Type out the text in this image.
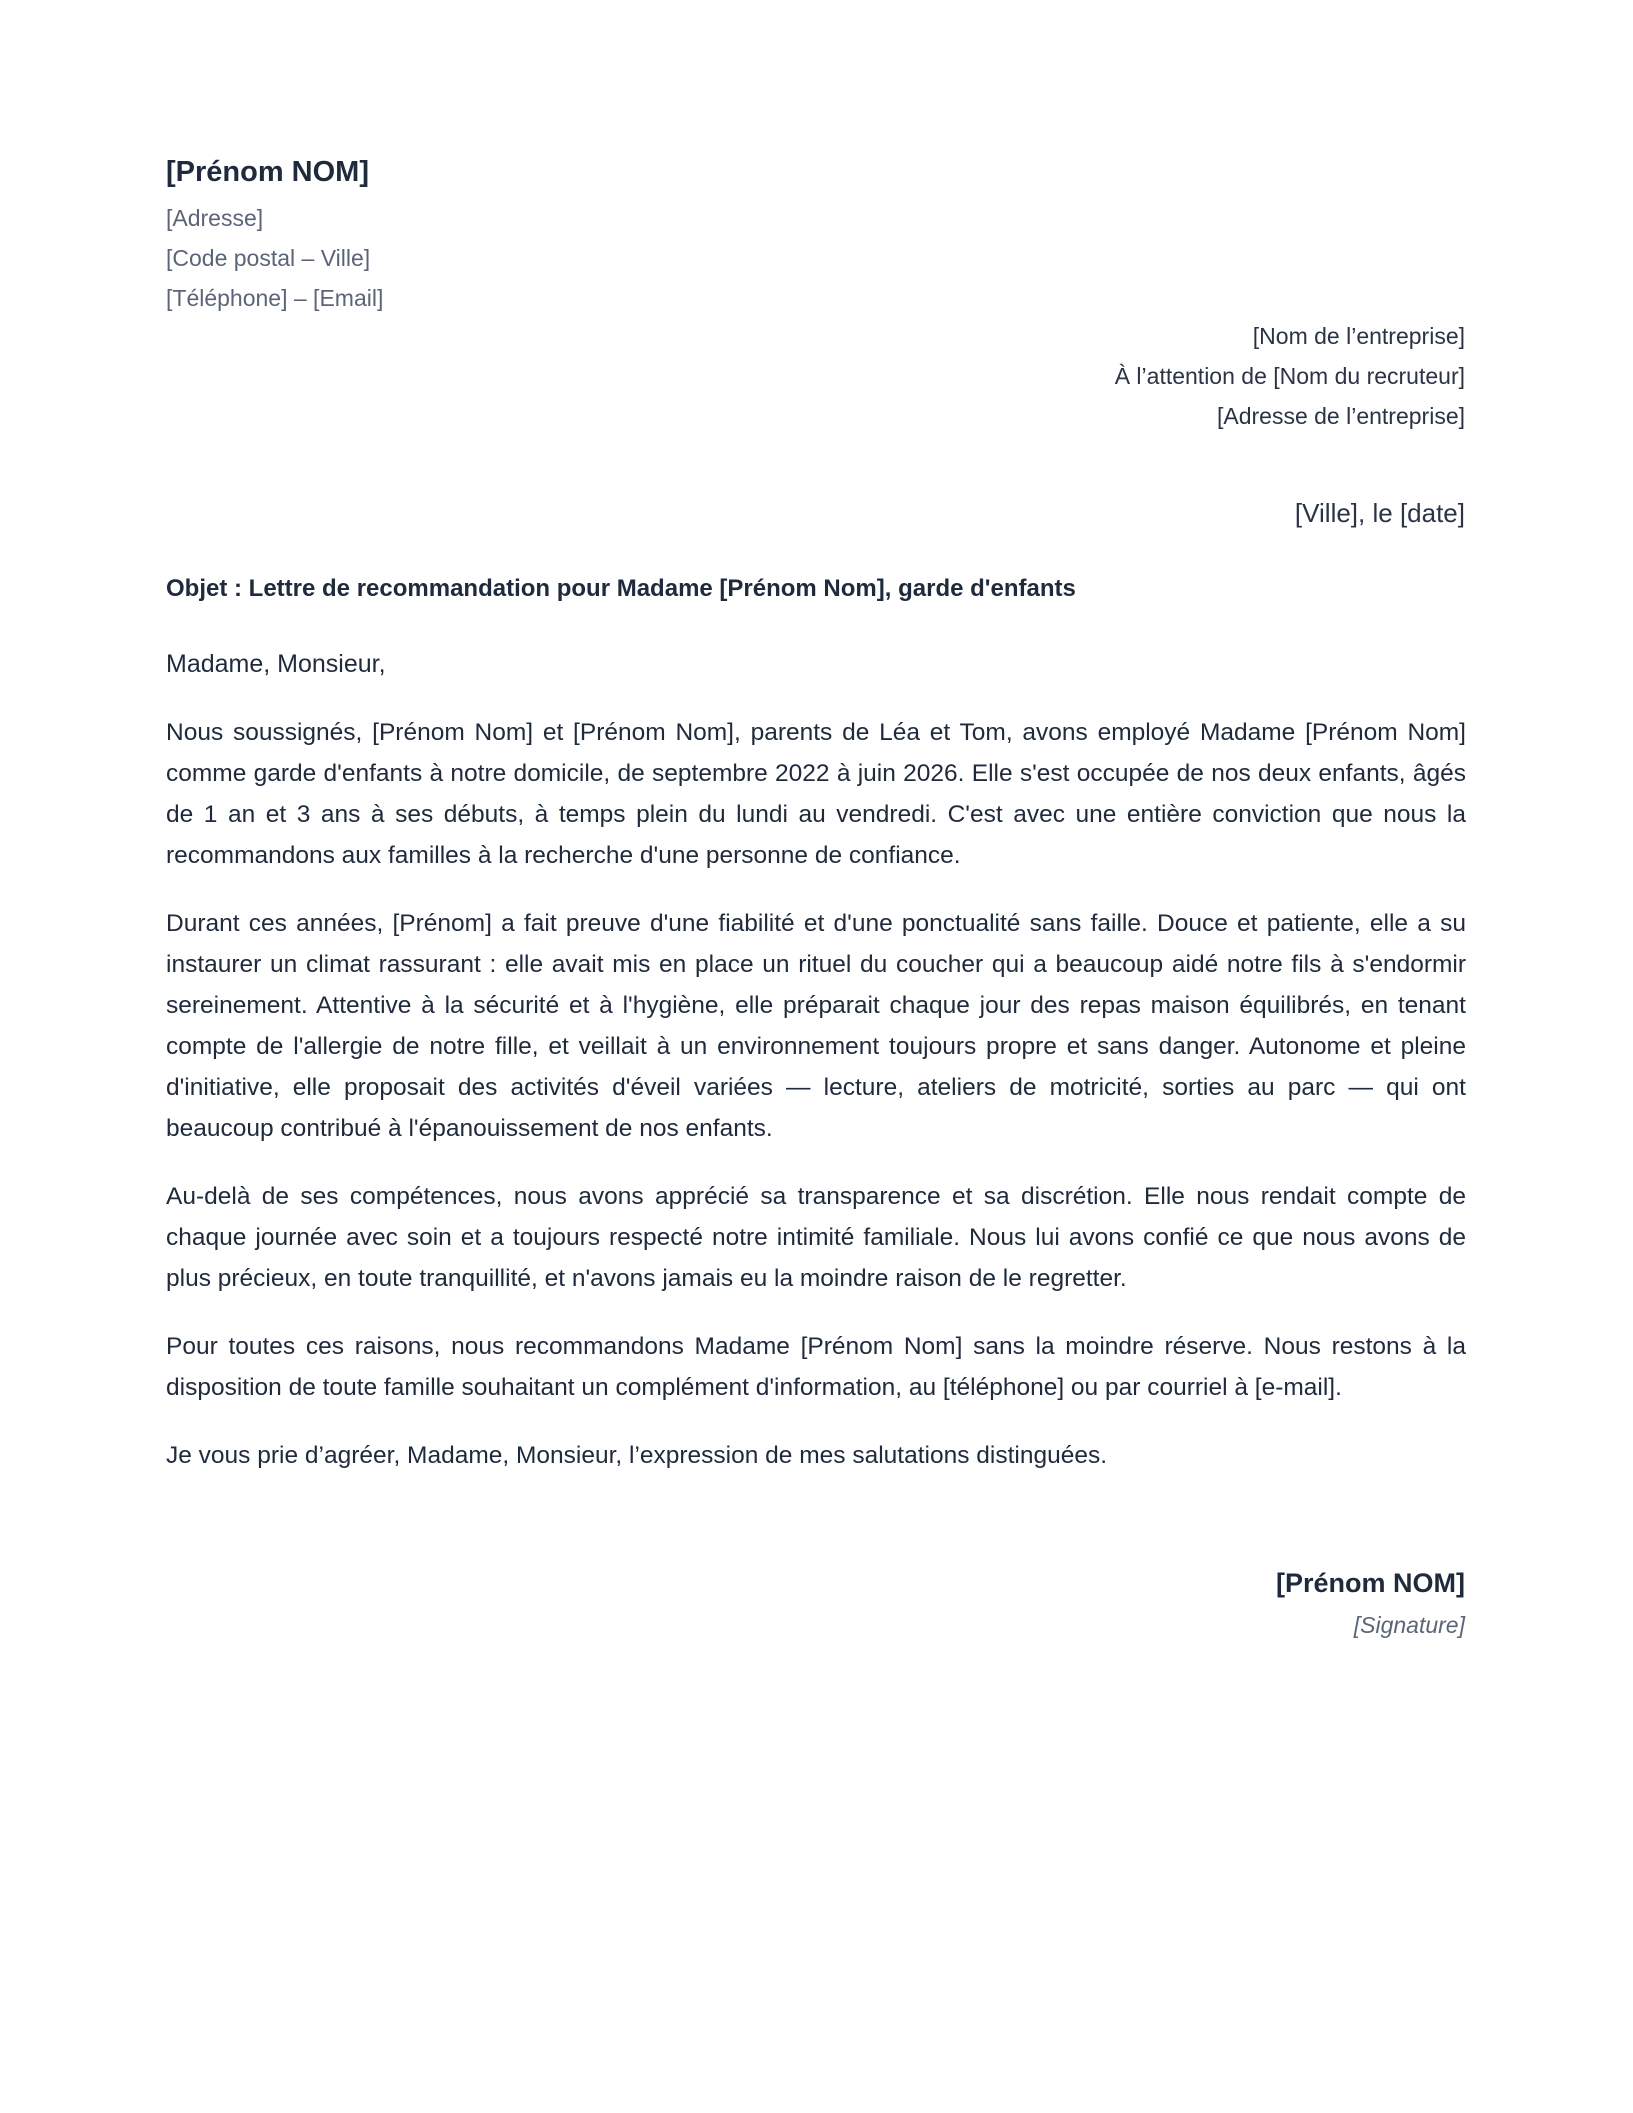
[Prénom NOM]
[Adresse]
[Code postal – Ville]
[Téléphone] – [Email]
[Nom de l’entreprise]
À l’attention de [Nom du recruteur]
[Adresse de l’entreprise]
[Ville], le [date]
Objet : Lettre de recommandation pour Madame [Prénom Nom], garde d'enfants

Madame, Monsieur,

Nous soussignés, [Prénom Nom] et [Prénom Nom], parents de Léa et Tom, avons employé Madame [Prénom Nom] comme garde d'enfants à notre domicile, de septembre 2022 à juin 2026. Elle s'est occupée de nos deux enfants, âgés de 1 an et 3 ans à ses débuts, à temps plein du lundi au vendredi. C'est avec une entière conviction que nous la recommandons aux familles à la recherche d'une personne de confiance.

Durant ces années, [Prénom] a fait preuve d'une fiabilité et d'une ponctualité sans faille. Douce et patiente, elle a su instaurer un climat rassurant : elle avait mis en place un rituel du coucher qui a beaucoup aidé notre fils à s'endormir sereinement. Attentive à la sécurité et à l'hygiène, elle préparait chaque jour des repas maison équilibrés, en tenant compte de l'allergie de notre fille, et veillait à un environnement toujours propre et sans danger. Autonome et pleine d'initiative, elle proposait des activités d'éveil variées — lecture, ateliers de motricité, sorties au parc — qui ont beaucoup contribué à l'épanouissement de nos enfants.

Au-delà de ses compétences, nous avons apprécié sa transparence et sa discrétion. Elle nous rendait compte de chaque journée avec soin et a toujours respecté notre intimité familiale. Nous lui avons confié ce que nous avons de plus précieux, en toute tranquillité, et n'avons jamais eu la moindre raison de le regretter.

Pour toutes ces raisons, nous recommandons Madame [Prénom Nom] sans la moindre réserve. Nous restons à la disposition de toute famille souhaitant un complément d'information, au [téléphone] ou par courriel à [e-mail].

Je vous prie d’agréer, Madame, Monsieur, l’expression de mes salutations distinguées.

[Prénom NOM]
[Signature]
